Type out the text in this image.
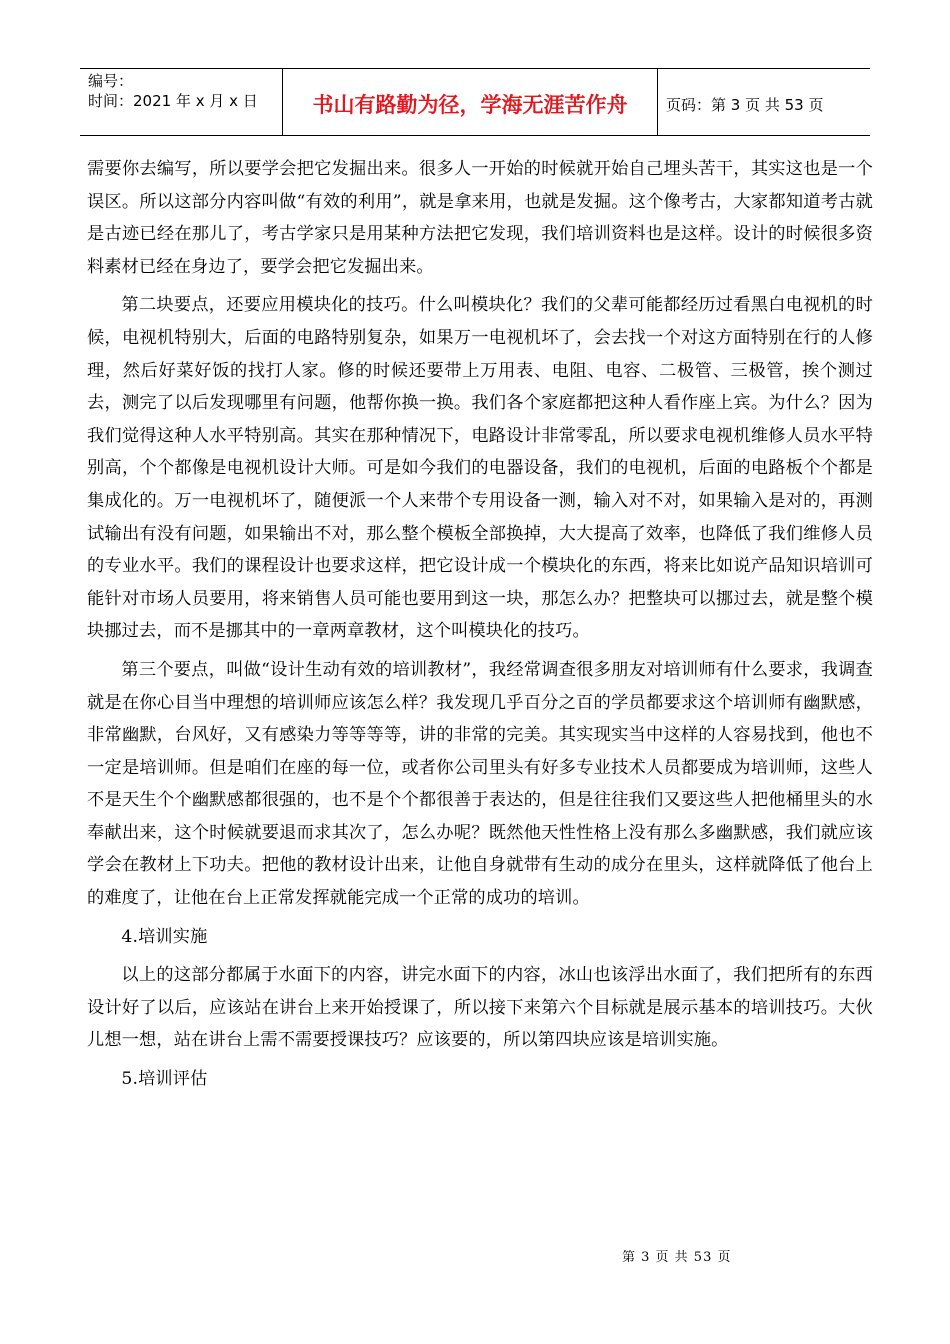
编号：
时间：2021 年 x 月 x 日	书山有路勤为径，学海无涯苦作舟	页码：第 3 页 共 53 页

需要你去编写，所以要学会把它发掘出来。很多人一开始的时候就开始自己埋头苦干，其实这也是一个误区。所以这部分内容叫做“有效的利用”，就是拿来用，也就是发掘。这个像考古，大家都知道考古就是古迹已经在那儿了，考古学家只是用某种方法把它发现，我们培训资料也是这样。设计的时候很多资料素材已经在身边了，要学会把它发掘出来。

第二块要点，还要应用模块化的技巧。什么叫模块化？我们的父辈可能都经历过看黑白电视机的时候，电视机特别大，后面的电路特别复杂，如果万一电视机坏了，会去找一个对这方面特别在行的人修理，然后好菜好饭的找打人家。修的时候还要带上万用表、电阻、电容、二极管、三极管，挨个测过去，测完了以后发现哪里有问题，他帮你换一换。我们各个家庭都把这种人看作座上宾。为什么？因为我们觉得这种人水平特别高。其实在那种情况下，电路设计非常零乱，所以要求电视机维修人员水平特别高，个个都像是电视机设计大师。可是如今我们的电器设备，我们的电视机，后面的电路板个个都是集成化的。万一电视机坏了，随便派一个人来带个专用设备一测，输入对不对，如果输入是对的，再测试输出有没有问题，如果输出不对，那么整个模板全部换掉，大大提高了效率，也降低了我们维修人员的专业水平。我们的课程设计也要求这样，把它设计成一个模块化的东西，将来比如说产品知识培训可能针对市场人员要用，将来销售人员可能也要用到这一块，那怎么办？把整块可以挪过去，就是整个模块挪过去，而不是挪其中的一章两章教材，这个叫模块化的技巧。

第三个要点，叫做“设计生动有效的培训教材”，我经常调查很多朋友对培训师有什么要求，我调查就是在你心目当中理想的培训师应该怎么样？我发现几乎百分之百的学员都要求这个培训师有幽默感，非常幽默，台风好，又有感染力等等等等，讲的非常的完美。其实现实当中这样的人容易找到，他也不一定是培训师。但是咱们在座的每一位，或者你公司里头有好多专业技术人员都要成为培训师，这些人不是天生个个幽默感都很强的，也不是个个都很善于表达的，但是往往我们又要这些人把他桶里头的水奉献出来，这个时候就要退而求其次了，怎么办呢？既然他天性性格上没有那么多幽默感，我们就应该学会在教材上下功夫。把他的教材设计出来，让他自身就带有生动的成分在里头，这样就降低了他台上的难度了，让他在台上正常发挥就能完成一个正常的成功的培训。

4.培训实施

以上的这部分都属于水面下的内容，讲完水面下的内容，冰山也该浮出水面了，我们把所有的东西设计好了以后，应该站在讲台上来开始授课了，所以接下来第六个目标就是展示基本的培训技巧。大伙儿想一想，站在讲台上需不需要授课技巧？应该要的，所以第四块应该是培训实施。

5.培训评估

第 3 页 共 53 页
